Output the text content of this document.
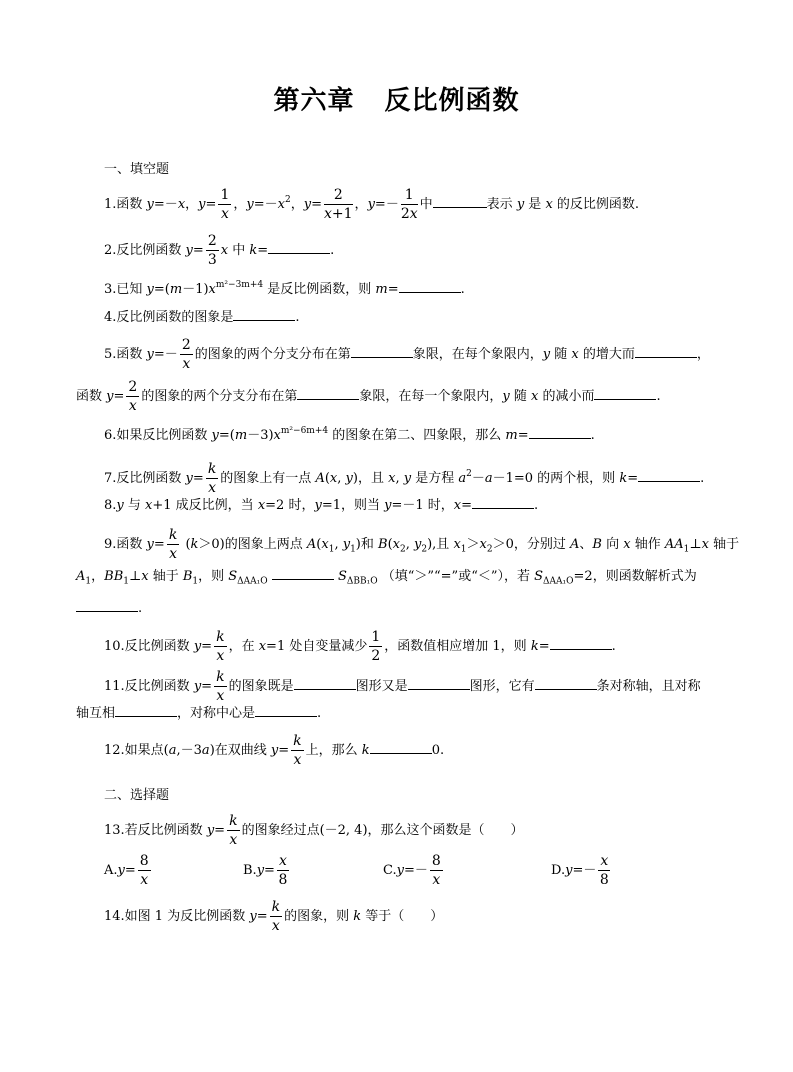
第六章 反比例函数
一、填空题
1.函数 y=－x，$y= \frac{1}{x}$ ，$y=-x^2$，$y= \frac{2}{x+1}$ ，$y=- \frac{1}{2x}$ 中	表示 y 是 x 的反比例函数.
2.反比例函数 $y= \frac{2}{3}$ x 中 k=	.
3.已知 $y=(m-1)x^{m^2-3m+4}$ 是反比例函数，则 m=	.
4.反比例函数的图象是	.
5.函数 $y=- \frac{2}{x}$ 的图象的两个分支分布在第	象限，在每个象限内，y 随 x 的增大而	，
函数 $y= \frac{2}{x}$ 的图象的两个分支分布在第	象限，在每一个象限内，y 随 x 的减小而	.
6.如果反比例函数 $y=(m-3)x^{m^2-6m+4}$ 的图象在第二、四象限，那么 m=	.
7.反比例函数 $y= \frac{k}{x}$ 的图象上有一点 A(x, y)，且 x, y 是方程 $a^2-a-1=0$ 的两个根，则 k=	.
8.y 与 x+1 成反比例，当 x=2 时，y=1，则当 y=－1 时，x=	.
9.函数 $y= \frac{k}{x} (k>0)$的图象上两点 $A(x_1$, $y_1$)和 $B(x_2$, $y_2$),且 $x_1>x_2>0$，分别过 A、B 向 x 轴作 $AA_1\perp x$ 轴于
$A_1$，$BB_1\perp x$ 轴于 $B_1$，则 $S_{\Delta AA_1O}$	$S_{\Delta BB_1O}$ （填“＞”“=”或“＜”），若 $S_{\Delta AA_1O}=2$，则函数解析式为
.
10.反比例函数 $y= \frac{k}{x}$ ，在 x=1 处自变量减少 $\frac{1}{2}$ ，函数值相应增加 1，则 k=	.
11.反比例函数 $y= \frac{k}{x}$ 的图象既是	图形又是	图形，它有	条对称轴，且对称
轴互相	，对称中心是	.
12.如果点(a,－3a)在双曲线 $y= \frac{k}{x}$ 上，那么 k	0.
二、选择题
13.若反比例函数 $y= \frac{k}{x}$ 的图象经过点(－2, 4)，那么这个函数是（　　）
$A.y= \frac{8}{x}$	$B.y= \frac{x}{8}$	$C.y=- \frac{8}{x}$	$D.y=- \frac{x}{8}$
14.如图 1 为反比例函数 $y= \frac{k}{x}$ 的图象，则 k 等于（　　）
